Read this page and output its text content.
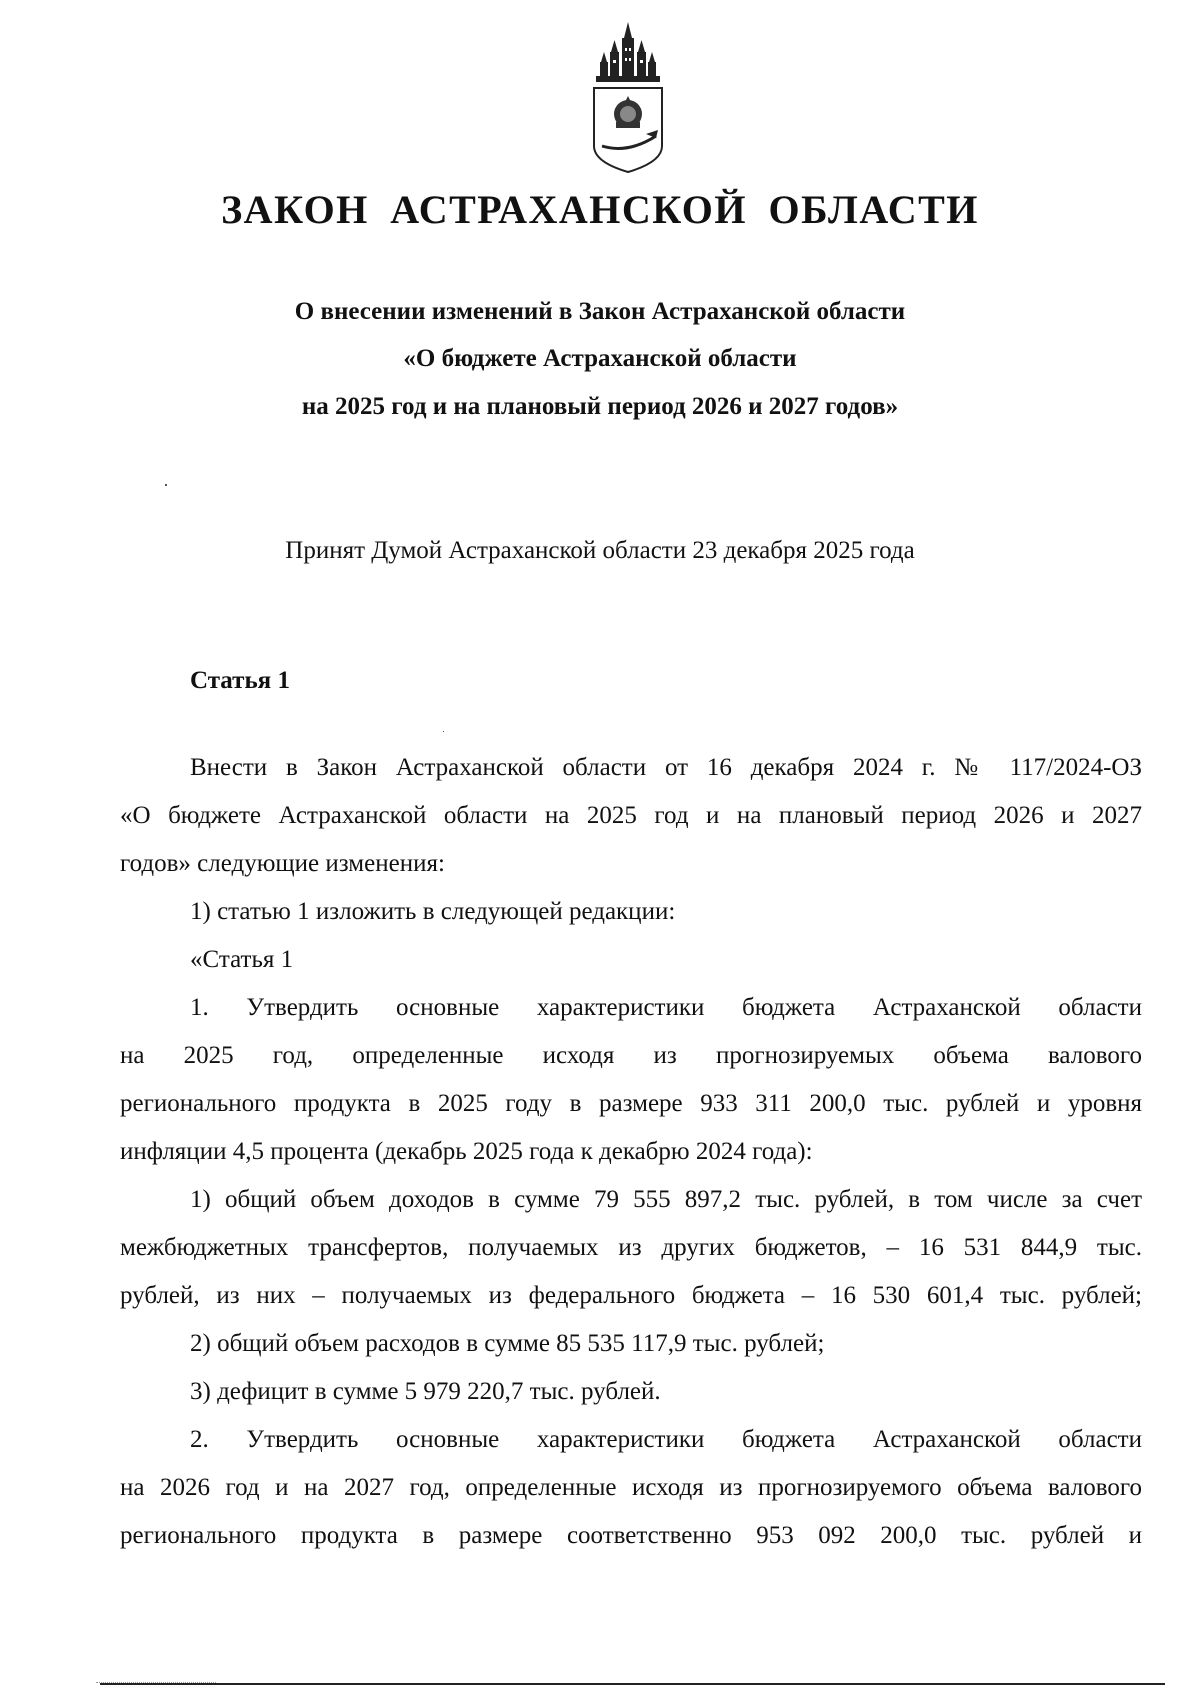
ЗАКОН АСТРАХАНСКОЙ ОБЛАСТИ
О внесении изменений в Закон Астраханской области
«О бюджете Астраханской области
на 2025 год и на плановый период 2026 и 2027 годов»
Принят Думой Астраханской области 23 декабря 2025 года
Статья 1
Внести в Закон Астраханской области от 16 декабря 2024 г. № 117/2024-ОЗ
«О бюджете Астраханской области на 2025 год и на плановый период 2026 и 2027
годов» следующие изменения:
1) статью 1 изложить в следующей редакции:
«Статья 1
1. Утвердить основные характеристики бюджета Астраханской области
на 2025 год, определенные исходя из прогнозируемых объема валового
регионального продукта в 2025 году в размере 933 311 200,0 тыс. рублей и уровня
инфляции 4,5 процента (декабрь 2025 года к декабрю 2024 года):
1) общий объем доходов в сумме 79 555 897,2 тыс. рублей, в том числе за счет
межбюджетных трансфертов, получаемых из других бюджетов, – 16 531 844,9 тыс.
рублей, из них – получаемых из федерального бюджета – 16 530 601,4 тыс. рублей;
2) общий объем расходов в сумме 85 535 117,9 тыс. рублей;
3) дефицит в сумме 5 979 220,7 тыс. рублей.
2. Утвердить основные характеристики бюджета Астраханской области
на 2026 год и на 2027 год, определенные исходя из прогнозируемого объема валового
регионального продукта в размере соответственно 953 092 200,0 тыс. рублей и
